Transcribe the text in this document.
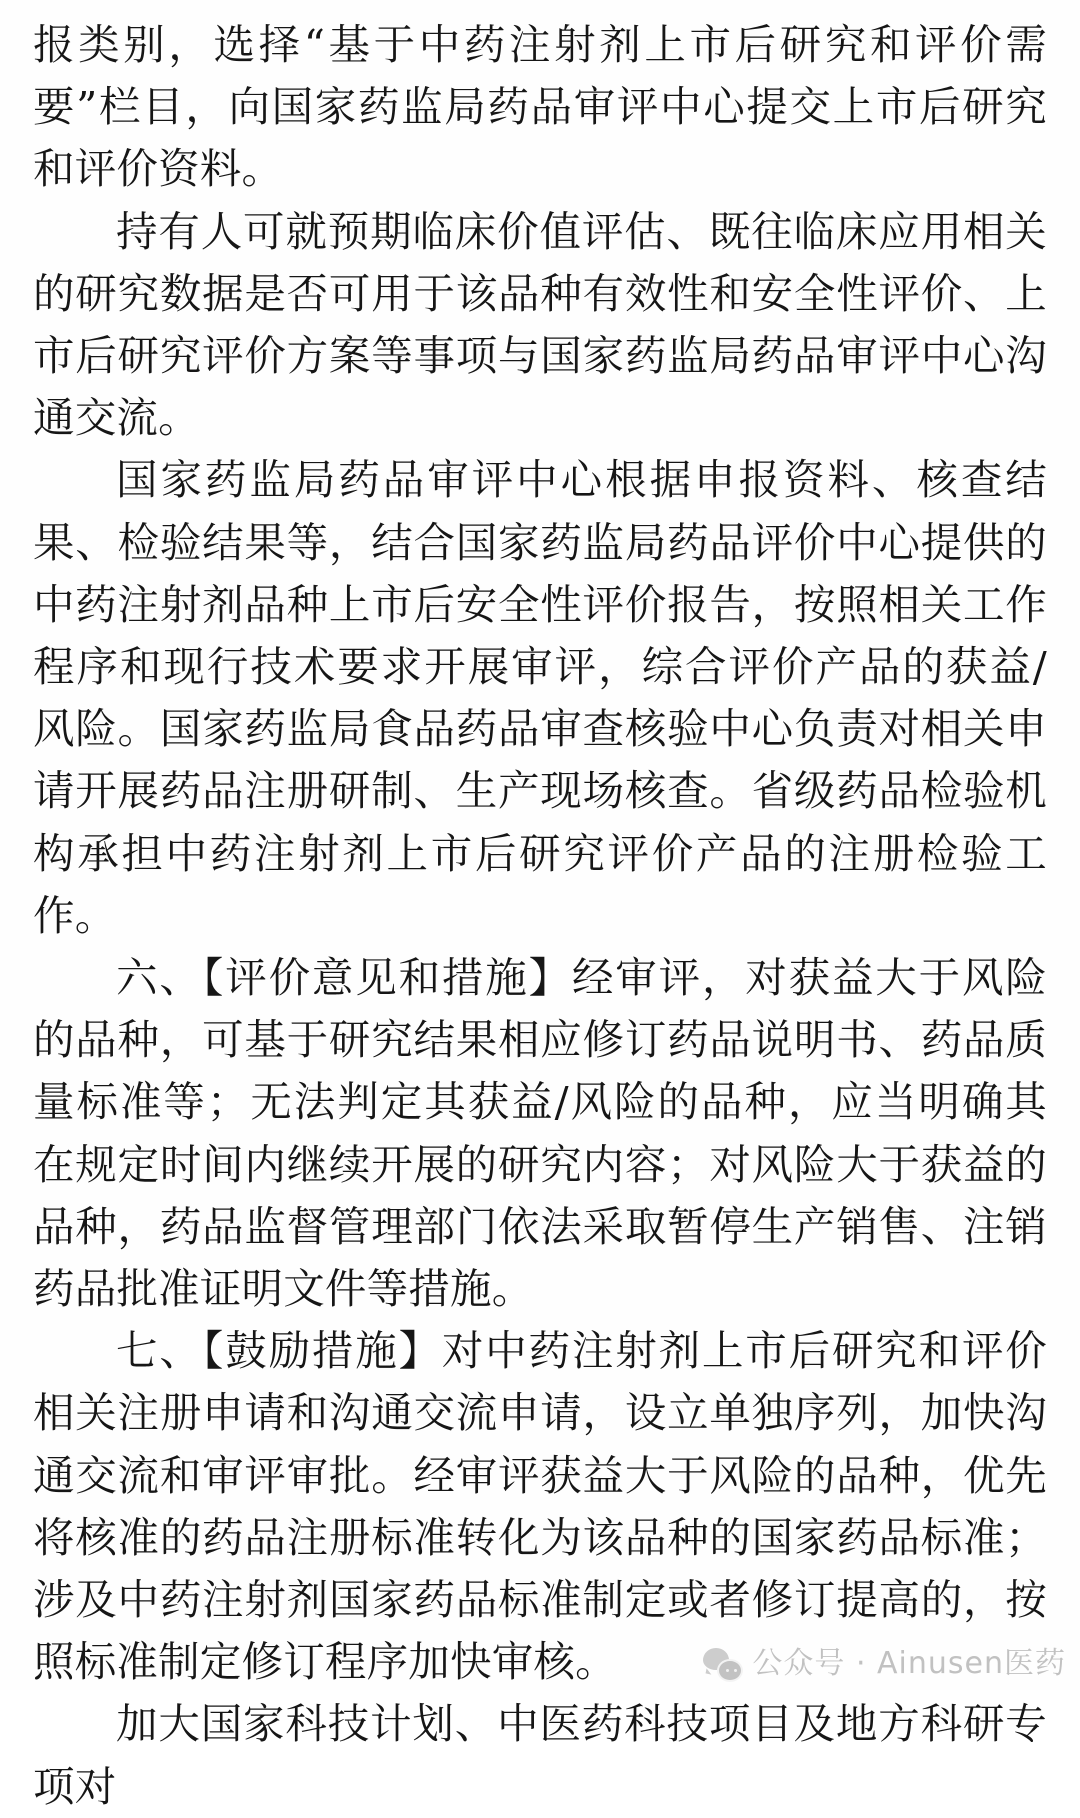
报类别，选择“基于中药注射剂上市后研究和评价需要”栏目，向国家药监局药品审评中心提交上市后研究和评价资料。

持有人可就预期临床价值评估、既往临床应用相关的研究数据是否可用于该品种有效性和安全性评价、上市后研究评价方案等事项与国家药监局药品审评中心沟通交流。

国家药监局药品审评中心根据申报资料、核查结果、检验结果等，结合国家药监局药品评价中心提供的中药注射剂品种上市后安全性评价报告，按照相关工作程序和现行技术要求开展审评，综合评价产品的获益/风险。国家药监局食品药品审查核验中心负责对相关申请开展药品注册研制、生产现场核查。省级药品检验机构承担中药注射剂上市后研究评价产品的注册检验工作。

六、【评价意见和措施】经审评，对获益大于风险的品种，可基于研究结果相应修订药品说明书、药品质量标准等；无法判定其获益/风险的品种，应当明确其在规定时间内继续开展的研究内容；对风险大于获益的品种，药品监督管理部门依法采取暂停生产销售、注销药品批准证明文件等措施。

七、【鼓励措施】对中药注射剂上市后研究和评价相关注册申请和沟通交流申请，设立单独序列，加快沟通交流和审评审批。经审评获益大于风险的品种，优先将核准的药品注册标准转化为该品种的国家药品标准；涉及中药注射剂国家药品标准制定或者修订提高的，按照标准制定修订程序加快审核。

加大国家科技计划、中医药科技项目及地方科研专项对

公众号 · Ainusen医药
